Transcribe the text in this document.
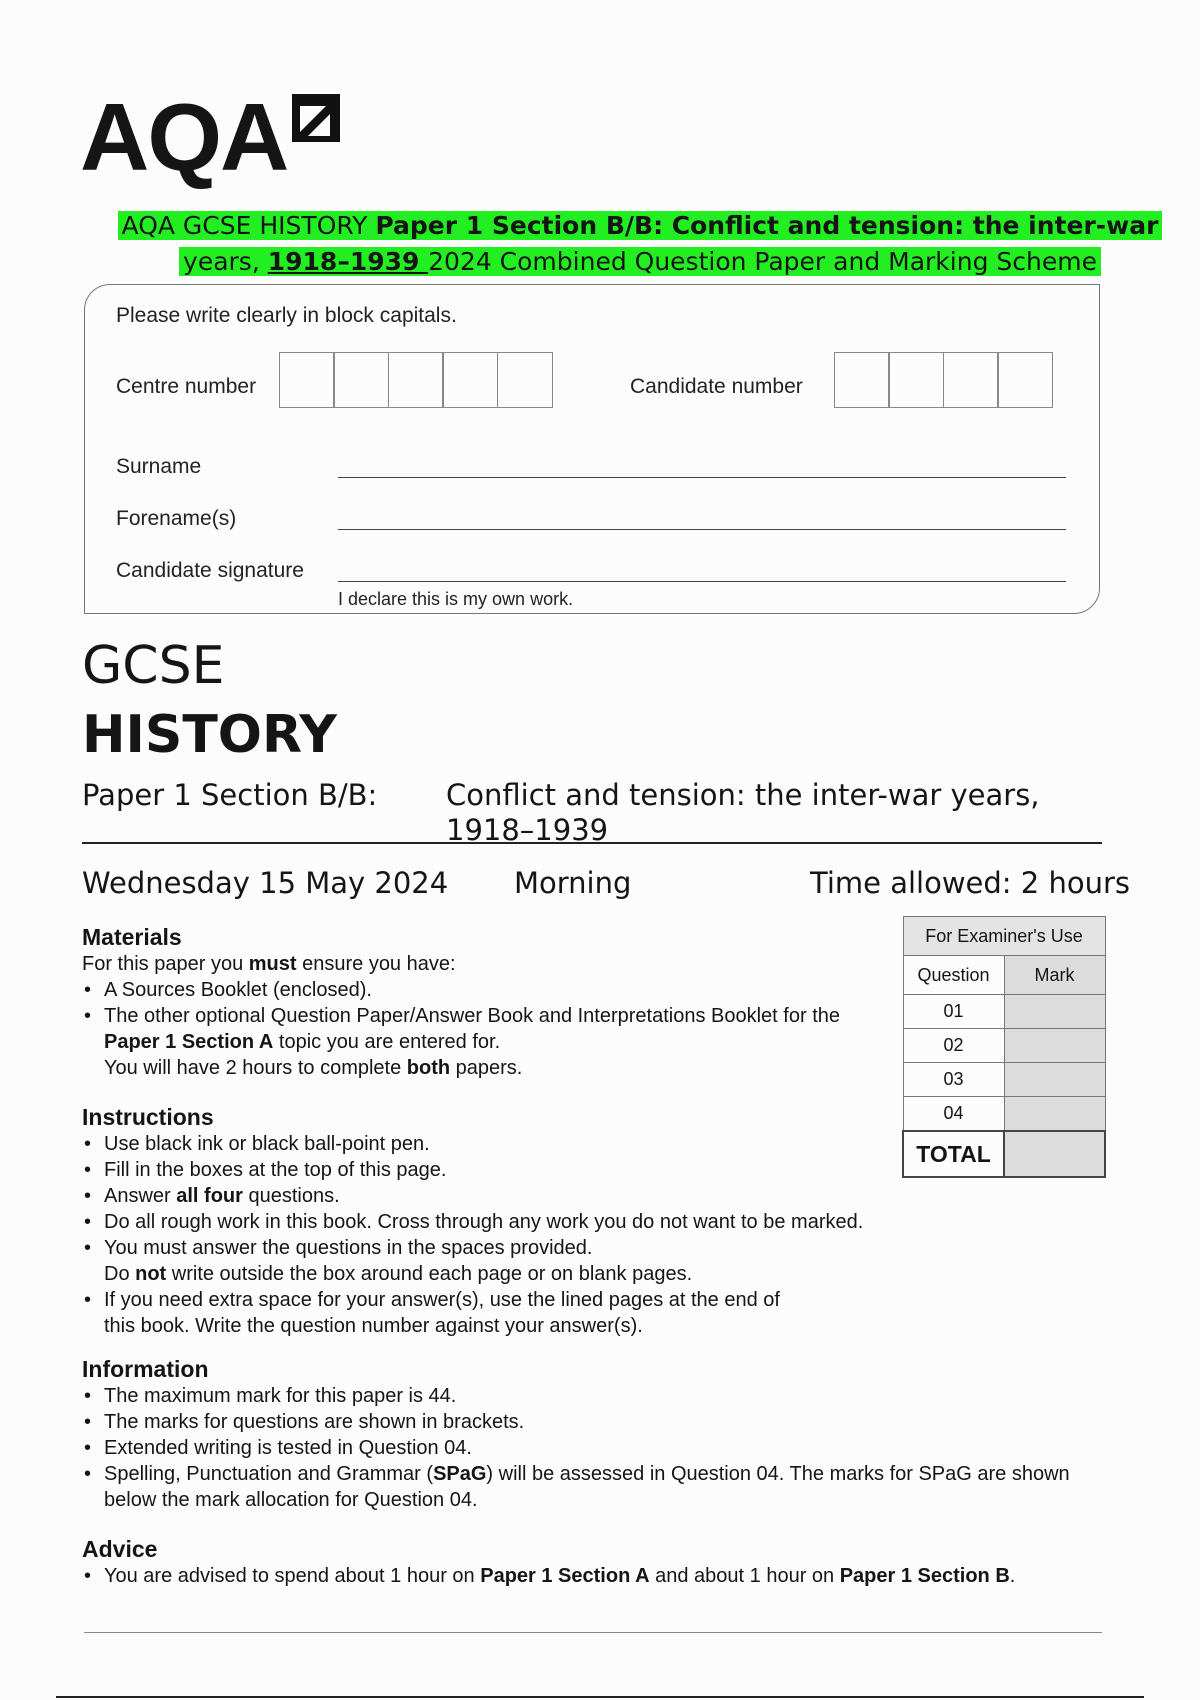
AQA
AQA GCSE HISTORY Paper 1 Section B/B: Conflict and tension: the inter-war
years, 1918–1939 2024 Combined Question Paper and Marking Scheme
Please write clearly in block capitals.
Centre number	Candidate number
Surname
Forename(s)
Candidate signature
I declare this is my own work.
GCSE
HISTORY
Paper 1 Section B/B: Conflict and tension: the inter-war years, 1918–1939
Wednesday 15 May 2024 Morning	Time allowed: 2 hours
Materials
For this paper you must ensure you have:
• A Sources Booklet (enclosed).
• The other optional Question Paper/Answer Book and Interpretations Booklet for the Paper 1 Section A topic you are entered for.
You will have 2 hours to complete both papers.
Instructions
• Use black ink or black ball-point pen.
• Fill in the boxes at the top of this page.
• Answer all four questions.
• Do all rough work in this book. Cross through any work you do not want to be marked.
• You must answer the questions in the spaces provided.
Do not write outside the box around each page or on blank pages.
• If you need extra space for your answer(s), use the lined pages at the end of this book. Write the question number against your answer(s).
Information
• The maximum mark for this paper is 44.
• The marks for questions are shown in brackets.
• Extended writing is tested in Question 04.
• Spelling, Punctuation and Grammar (SPaG) will be assessed in Question 04. The marks for SPaG are shown below the mark allocation for Question 04.
Advice
• You are advised to spend about 1 hour on Paper 1 Section A and about 1 hour on Paper 1 Section B.
For Examiner's Use	
Question	Mark
01	
02	
03	
04	
TOTAL	
